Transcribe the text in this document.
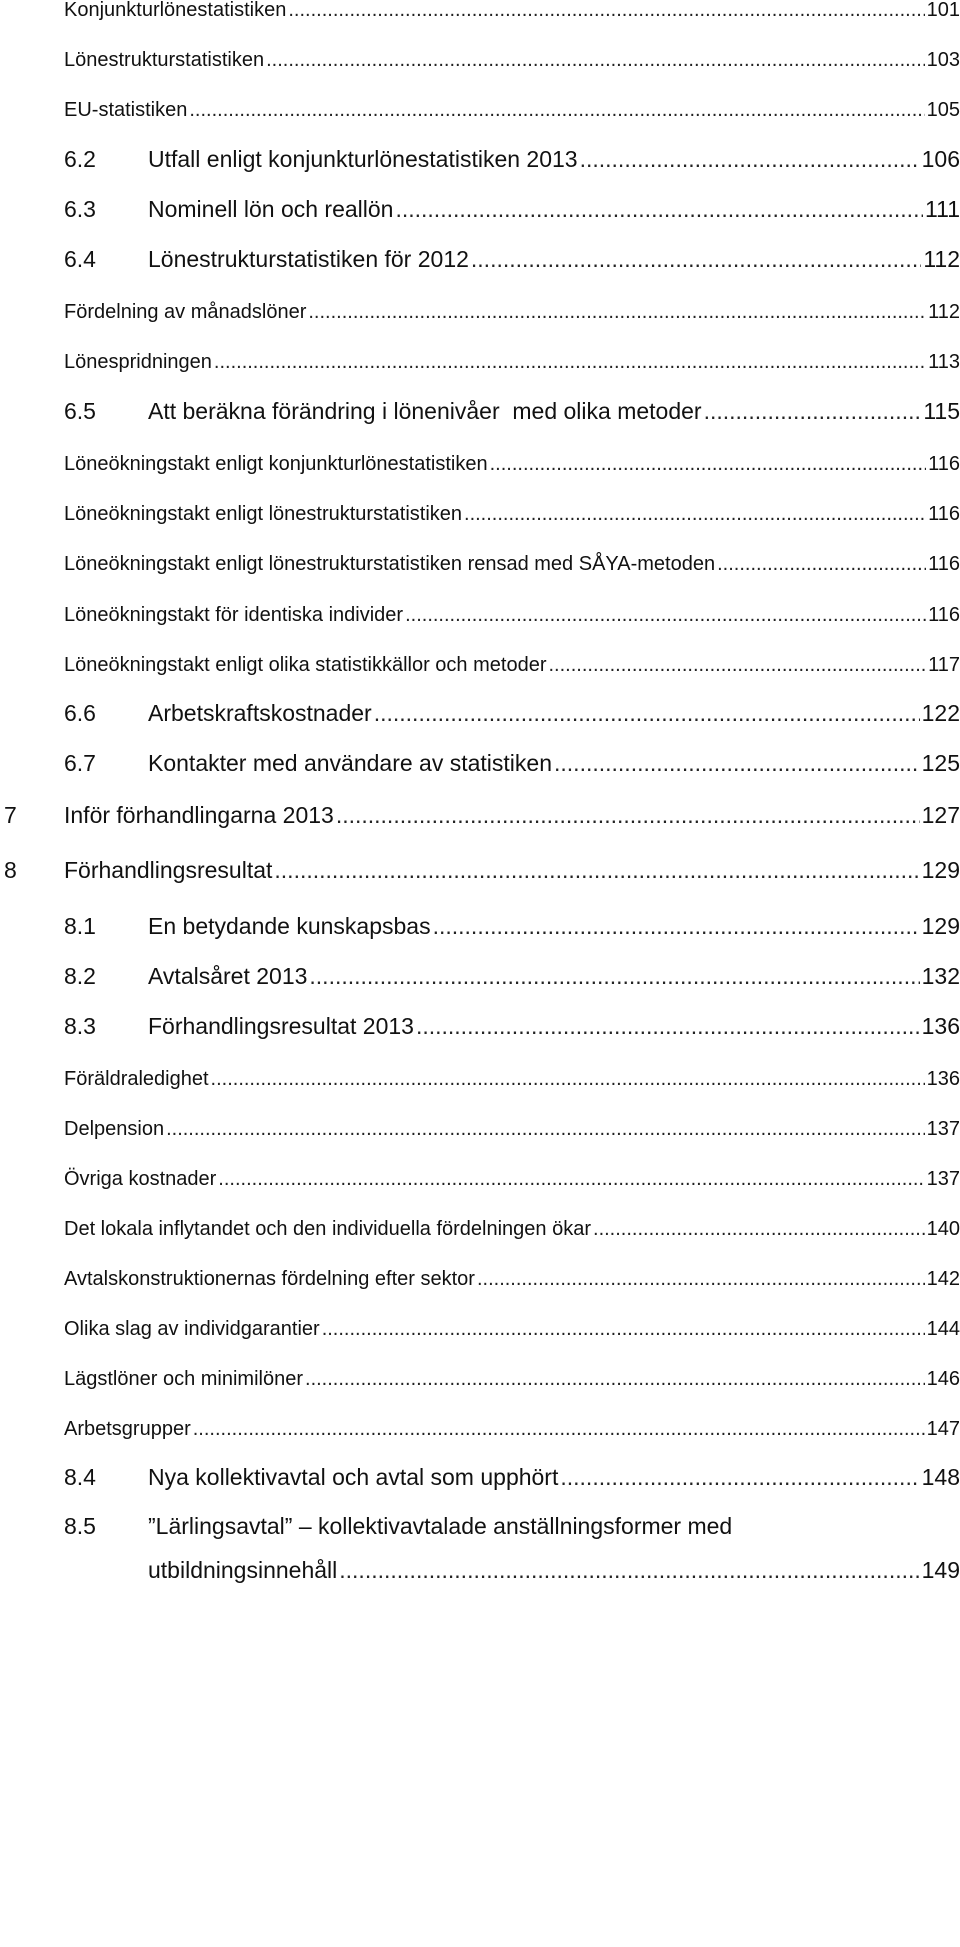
Konjunkturlönestatistiken .....	101
Lönestrukturstatistiken .....	103
EU-statistiken .....	105
6.2	Utfall enligt konjunkturlönestatistiken 2013 .....	106
6.3	Nominell lön och reallön .....	111
6.4	Lönestrukturstatistiken för 2012 .....	112
Fördelning av månadslöner .....	112
Lönespridningen .....	113
6.5	Att beräkna förändring i lönenivåer  med olika metoder .....	115
Löneökningstakt enligt konjunkturlönestatistiken .....	116
Löneökningstakt enligt lönestrukturstatistiken .....	116
Löneökningstakt enligt lönestrukturstatistiken rensad med SÅYA-metoden .....	116
Löneökningstakt för identiska individer .....	116
Löneökningstakt enligt olika statistikkällor och metoder .....	117
6.6	Arbetskraftskostnader .....	122
6.7	Kontakter med användare av statistiken .....	125
7	Inför förhandlingarna 2013 .....	127
8	Förhandlingsresultat .....	129
8.1	En betydande kunskapsbas .....	129
8.2	Avtalsåret 2013 .....	132
8.3	Förhandlingsresultat 2013 .....	136
Föräldraledighet .....	136
Delpension .....	137
Övriga kostnader .....	137
Det lokala inflytandet och den individuella fördelningen ökar .....	140
Avtalskonstruktionernas fördelning efter sektor .....	142
Olika slag av individgarantier .....	144
Lägstlöner och minimilöner .....	146
Arbetsgrupper .....	147
8.4	Nya kollektivavtal och avtal som upphört .....	148
8.5	”Lärlingsavtal” – kollektivavtalade anställningsformer med
utbildningsinnehåll .....	149
